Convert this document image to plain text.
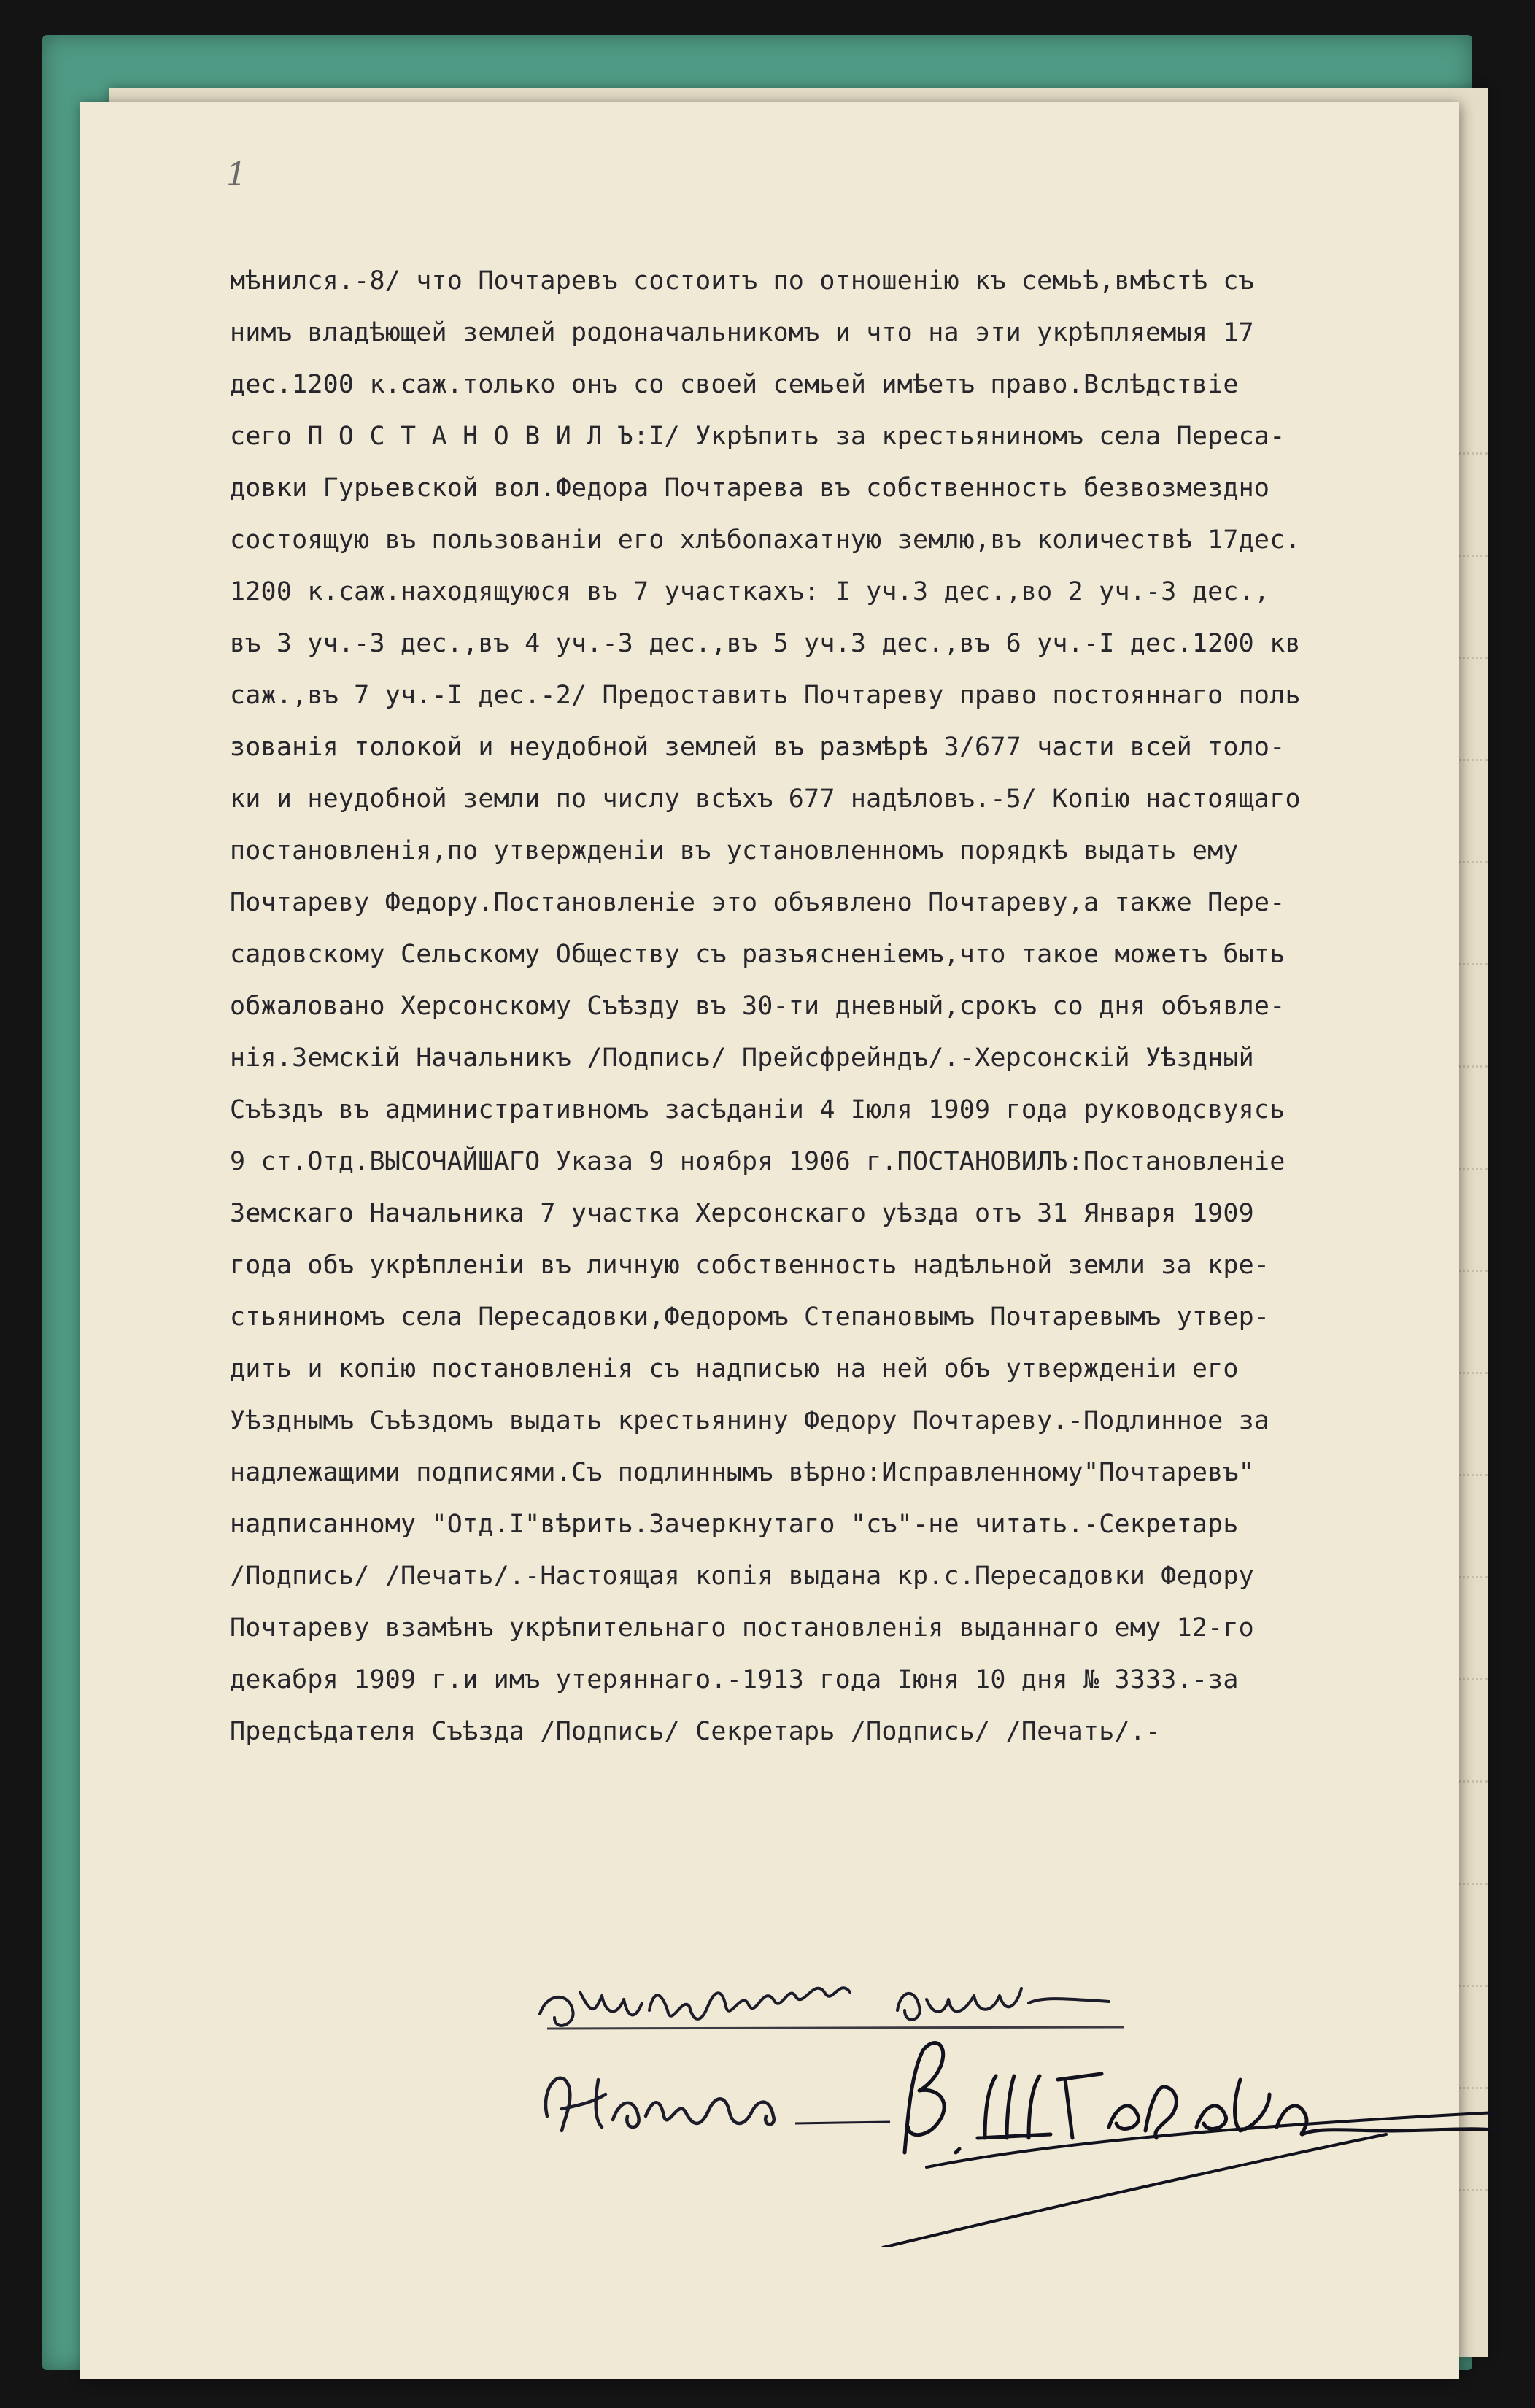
1
мѣнился.-8/ что Почтаревъ состоитъ по отношенію къ семьѣ,вмѣстѣ съ
нимъ владѣющей землей родоначальникомъ и что на эти укрѣпляемыя 17
дес.1200 к.саж.только онъ со своей семьей имѣетъ право.Вслѣдствіе
сего П О С Т А Н О В И Л Ъ:I/ Укрѣпить за крестьяниномъ села Переса-
довки Гурьевской вол.Федора Почтарева въ собственность безвозмездно
состоящую въ пользованіи его хлѣбопахатную землю,въ количествѣ 17дес.
1200 к.саж.находящуюся въ 7 участкахъ: I уч.3 дес.,во 2 уч.-3 дес.,
въ 3 уч.-3 дес.,въ 4 уч.-3 дес.,въ 5 уч.3 дес.,въ 6 уч.-I дес.1200 кв
саж.,въ 7 уч.-I дес.-2/ Предоставить Почтареву право постояннаго поль
зованія толокой и неудобной землей въ размѣрѣ 3/677 части всей толо-
ки и неудобной земли по числу всѣхъ 677 надѣловъ.-5/ Копію настоящаго
постановленія,по утвержденіи въ установленномъ порядкѣ выдать ему
Почтареву Федору.Постановленіе это объявлено Почтареву,а также Пере-
садовскому Сельскому Обществу съ разъясненіемъ,что такое можетъ быть
обжаловано Херсонскому Съѣзду въ 30-ти дневный,срокъ со дня объявле-
нія.Земскій Начальникъ /Подпись/ Прейсфрейндъ/.-Херсонскій Уѣздный
Съѣздъ въ административномъ засѣданіи 4 Іюля 1909 года руководсвуясь
9 ст.Отд.ВЫСОЧАЙШАГО Указа 9 ноября 1906 г.ПОСТАНОВИЛЪ:Постановленіе
Земскаго Начальника 7 участка Херсонскаго уѣзда отъ 31 Января 1909
года объ укрѣпленіи въ личную собственность надѣльной земли за кре-
стьяниномъ села Пересадовки,Федоромъ Степановымъ Почтаревымъ утвер-
дить и копію постановленія съ надписью на ней объ утвержденіи его
Уѣзднымъ Съѣздомъ выдать крестьянину Федору Почтареву.-Подлинное за
надлежащими подписями.Съ подлиннымъ вѣрно:Исправленному"Почтаревъ"
надписанному "Отд.I"вѣрить.Зачеркнутаго "съ"-не читать.-Секретарь
/Подпись/ /Печать/.-Настоящая копія выдана кр.с.Пересадовки Федору
Почтареву взамѣнъ укрѣпительнаго постановленія выданнаго ему 12-го
декабря 1909 г.и имъ утеряннаго.-1913 года Іюня 10 дня № 3333.-за
Предсѣдателя Съѣзда /Подпись/ Секретарь /Подпись/ /Печать/.-
